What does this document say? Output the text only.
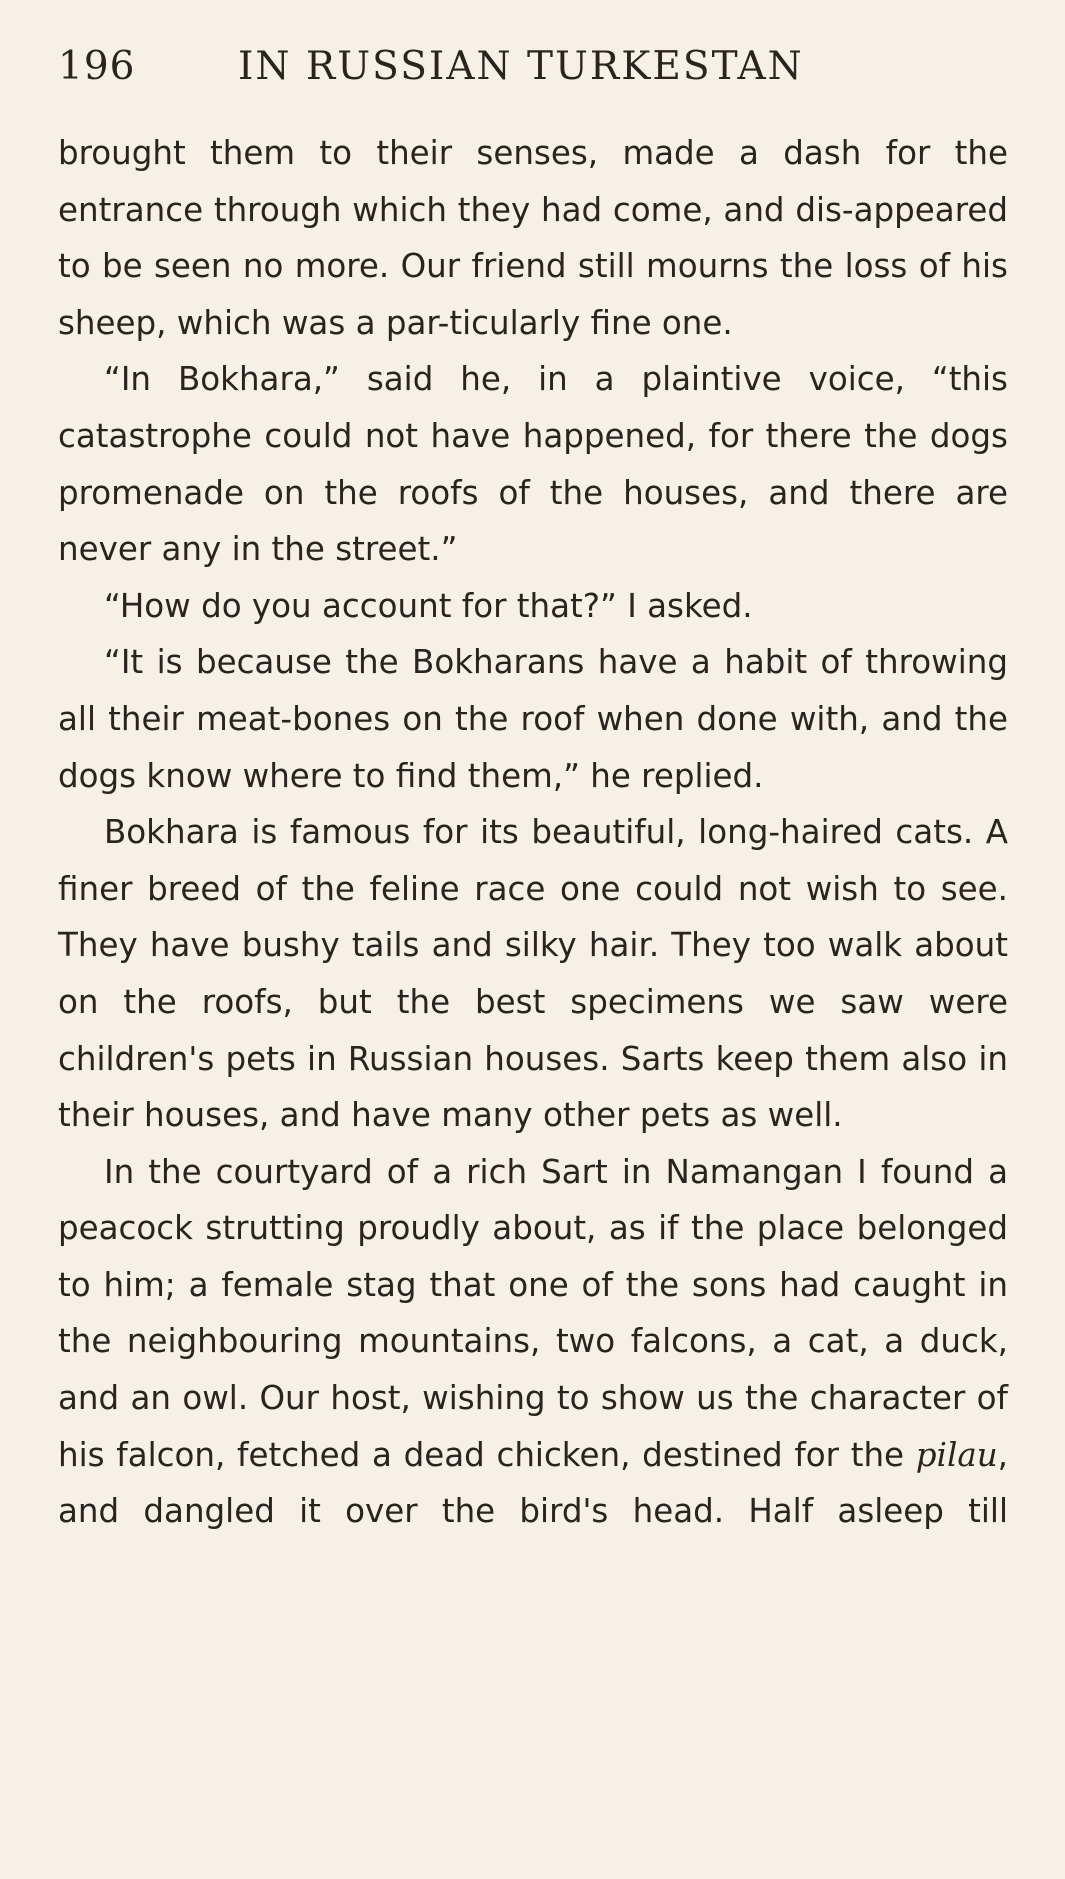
196	IN RUSSIAN TURKESTAN

brought them to their senses, made a dash for the entrance through which they had come, and dis-appeared to be seen no more. Our friend still mourns the loss of his sheep, which was a par-ticularly fine one.

“In Bokhara,” said he, in a plaintive voice, “this catastrophe could not have happened, for there the dogs promenade on the roofs of the houses, and there are never any in the street.”

“How do you account for that?” I asked.

“It is because the Bokharans have a habit of throwing all their meat-bones on the roof when done with, and the dogs know where to find them,” he replied.

Bokhara is famous for its beautiful, long-haired cats. A finer breed of the feline race one could not wish to see. They have bushy tails and silky hair. They too walk about on the roofs, but the best specimens we saw were children's pets in Russian houses. Sarts keep them also in their houses, and have many other pets as well.

In the courtyard of a rich Sart in Namangan I found a peacock strutting proudly about, as if the place belonged to him; a female stag that one of the sons had caught in the neighbouring mountains, two falcons, a cat, a duck, and an owl. Our host, wishing to show us the character of his falcon, fetched a dead chicken, destined for the pilau, and dangled it over the bird's head. Half asleep till
